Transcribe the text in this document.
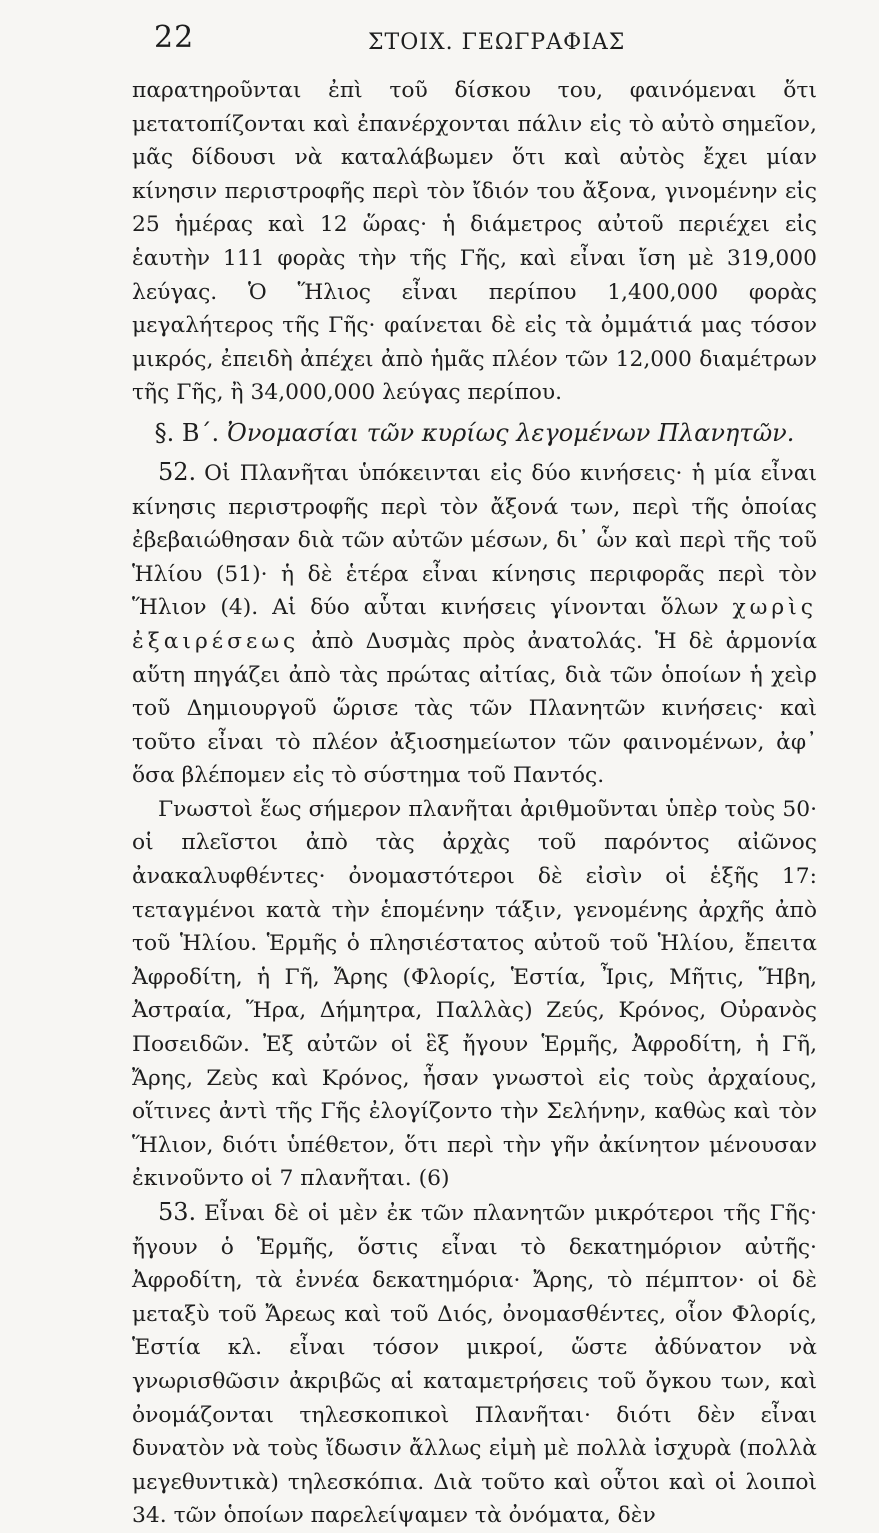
22	ΣΤΟΙΧ. ΓΕΩΓΡΑΦΙΑΣ

παρατηροῦνται ἐπὶ τοῦ δίσκου του, φαινόμεναι ὅτι μετατοπίζονται καὶ ἐπανέρχονται πάλιν εἰς τὸ αὐτὸ σημεῖον, μᾶς δίδουσι νὰ καταλάβωμεν ὅτι καὶ αὐτὸς ἔχει μίαν κίνησιν περιστροφῆς περὶ τὸν ἴδιόν του ἄξονα, γινομένην εἰς 25 ἡμέρας καὶ 12 ὥρας· ἡ διάμετρος αὐτοῦ περιέχει εἰς ἑαυτὴν 111 φορὰς τὴν τῆς Γῆς, καὶ εἶναι ἴση μὲ 319,000 λεύγας. Ὁ Ἥλιος εἶναι περίπου 1,400,000 φορὰς μεγαλήτερος τῆς Γῆς· φαίνεται δὲ εἰς τὰ ὀμμάτιά μας τόσον μικρός, ἐπειδὴ ἀπέχει ἀπὸ ἡμᾶς πλέον τῶν 12,000 διαμέτρων τῆς Γῆς, ἢ 34,000,000 λεύγας περίπου.

§. Β΄. Ὀνομασίαι τῶν κυρίως λεγομένων Πλανητῶν.

52. Οἱ Πλανῆται ὑπόκεινται εἰς δύο κινήσεις· ἡ μία εἶναι κίνησις περιστροφῆς περὶ τὸν ἄξονά των, περὶ τῆς ὁποίας ἐβεβαιώθησαν διὰ τῶν αὐτῶν μέσων, δι᾽ ὧν καὶ περὶ τῆς τοῦ Ἡλίου (51)· ἡ δὲ ἑτέρα εἶναι κίνησις περιφορᾶς περὶ τὸν Ἥλιον (4). Αἱ δύο αὗται κινήσεις γίνονται ὅλων χωρὶς ἐξαιρέσεως ἀπὸ Δυσμὰς πρὸς ἀνατολάς. Ἡ δὲ ἁρμονία αὕτη πηγάζει ἀπὸ τὰς πρώτας αἰτίας, διὰ τῶν ὁποίων ἡ χεὶρ τοῦ Δημιουργοῦ ὥρισε τὰς τῶν Πλανητῶν κινήσεις· καὶ τοῦτο εἶναι τὸ πλέον ἀξιοσημείωτον τῶν φαινομένων, ἀφ᾽ ὅσα βλέπομεν εἰς τὸ σύστημα τοῦ Παντός.

Γνωστοὶ ἕως σήμερον πλανῆται ἀριθμοῦνται ὑπὲρ τοὺς 50· οἱ πλεῖστοι ἀπὸ τὰς ἀρχὰς τοῦ παρόντος αἰῶνος ἀνακαλυφθέντες· ὀνομαστότεροι δὲ εἰσὶν οἱ ἑξῆς 17: τεταγμένοι κατὰ τὴν ἑπομένην τάξιν, γενομένης ἀρχῆς ἀπὸ τοῦ Ἡλίου. Ἑρμῆς ὁ πλησιέστατος αὐτοῦ τοῦ Ἡλίου, ἔπειτα Ἀφροδίτη, ἡ Γῆ, Ἄρης (Φλορίς, Ἑστία, Ἶρις, Μῆτις, Ἥβη, Ἀστραία, Ἥρα, Δήμητρα, Παλλὰς) Ζεύς, Κρόνος, Οὐρανὸς Ποσειδῶν. Ἐξ αὐτῶν οἱ ἓξ ἤγουν Ἑρμῆς, Ἀφροδίτη, ἡ Γῆ, Ἄρης, Ζεὺς καὶ Κρόνος, ἦσαν γνωστοὶ εἰς τοὺς ἀρχαίους, οἵτινες ἀντὶ τῆς Γῆς ἐλογίζοντο τὴν Σελήνην, καθὼς καὶ τὸν Ἥλιον, διότι ὑπέθετον, ὅτι περὶ τὴν γῆν ἀκίνητον μένουσαν ἐκινοῦντο οἱ 7 πλανῆται. (6)

53. Εἶναι δὲ οἱ μὲν ἐκ τῶν πλανητῶν μικρότεροι τῆς Γῆς· ἤγουν ὁ Ἑρμῆς, ὅστις εἶναι τὸ δεκατημόριον αὐτῆς· Ἀφροδίτη, τὰ ἐννέα δεκατημόρια· Ἄρης, τὸ πέμπτον· οἱ δὲ μεταξὺ τοῦ Ἄρεως καὶ τοῦ Διός, ὀνομασθέντες, οἷον Φλορίς, Ἑστία κλ. εἶναι τόσον μικροί, ὥστε ἀδύνατον νὰ γνωρισθῶσιν ἀκριβῶς αἱ καταμετρήσεις τοῦ ὄγκου των, καὶ ὀνομάζονται τηλεσκοπικοὶ Πλανῆται· διότι δὲν εἶναι δυνατὸν νὰ τοὺς ἴδωσιν ἄλλως εἰμὴ μὲ πολλὰ ἰσχυρὰ (πολλὰ μεγεθυντικὰ) τηλεσκόπια. Διὰ τοῦτο καὶ οὗτοι καὶ οἱ λοιποὶ 34. τῶν ὁποίων παρελείψαμεν τὰ ὀνόματα, δὲν
